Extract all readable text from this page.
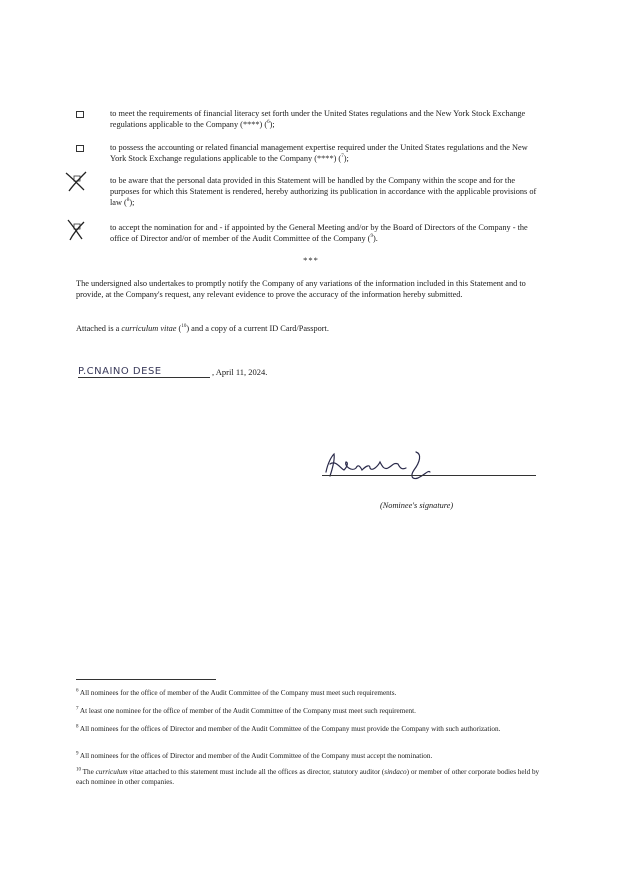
to meet the requirements of financial literacy set forth under the United States regulations and the New York Stock Exchange regulations applicable to the Company (****) ($^6$);
to possess the accounting or related financial management expertise required under the United States regulations and the New York Stock Exchange regulations applicable to the Company (****) ($^7$);
to be aware that the personal data provided in this Statement will be handled by the Company within the scope and for the purposes for which this Statement is rendered, hereby authorizing its publication in accordance with the applicable provisions of law ($^8$);
to accept the nomination for and - if appointed by the General Meeting and/or by the Board of Directors of the Company - the office of Director and/or of member of the Audit Committee of the Company ($^9$).
***
The undersigned also undertakes to promptly notify the Company of any variations of the information included in this Statement and to provide, at the Company's request, any relevant evidence to prove the accuracy of the information hereby submitted.
Attached is a curriculum vitae ($^{10}$) and a copy of a current ID Card/Passport.
P.CNAINO DESE	, April 11, 2024.
(Nominee's signature)
$^6$ All nominees for the office of member of the Audit Committee of the Company must meet such requirements.
$^7$ At least one nominee for the office of member of the Audit Committee of the Company must meet such requirement.
$^8$ All nominees for the offices of Director and member of the Audit Committee of the Company must provide the Company with such authorization.
$^9$ All nominees for the offices of Director and member of the Audit Committee of the Company must accept the nomination.
$^{10}$ The curriculum vitae attached to this statement must include all the offices as director, statutory auditor (sindaco) or member of other corporate bodies held by each nominee in other companies.
